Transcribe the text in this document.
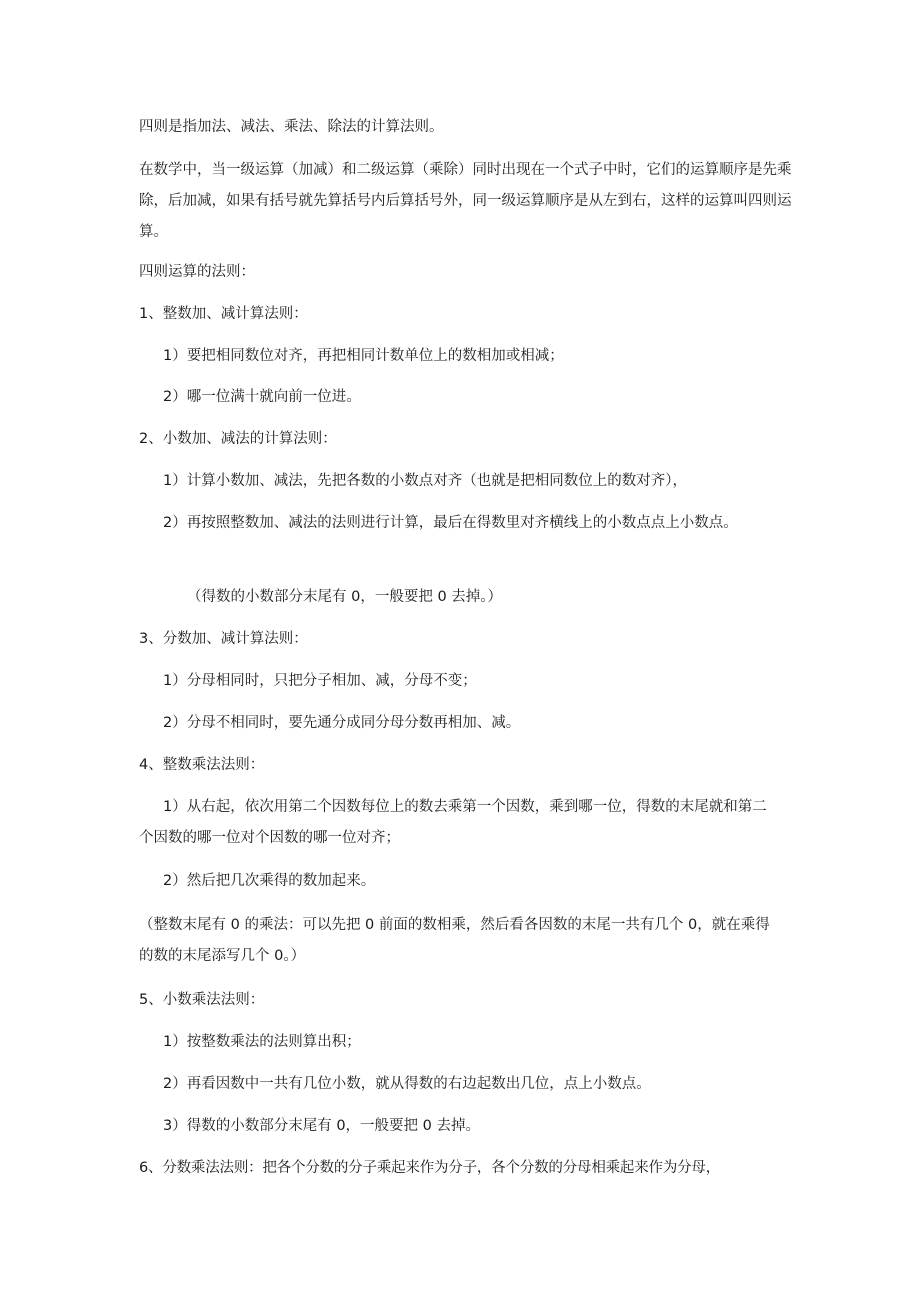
四则是指加法、减法、乘法、除法的计算法则。
在数学中，当一级运算（加减）和二级运算（乘除）同时出现在一个式子中时，它们的运算顺序是先乘除，后加减，如果有括号就先算括号内后算括号外，同一级运算顺序是从左到右，这样的运算叫四则运算。
四则运算的法则：
1、整数加、减计算法则：
1）要把相同数位对齐，再把相同计数单位上的数相加或相减；
2）哪一位满十就向前一位进。
2、小数加、减法的计算法则：
1）计算小数加、减法，先把各数的小数点对齐（也就是把相同数位上的数对齐），
2）再按照整数加、减法的法则进行计算，最后在得数里对齐横线上的小数点点上小数点。
（得数的小数部分末尾有 0，一般要把 0 去掉。）
3、分数加、减计算法则：
1）分母相同时，只把分子相加、减，分母不变；
2）分母不相同时，要先通分成同分母分数再相加、减。
4、整数乘法法则：
1）从右起，依次用第二个因数每位上的数去乘第一个因数，乘到哪一位，得数的末尾就和第二个因数的哪一位对个因数的哪一位对齐；
2）然后把几次乘得的数加起来。
（整数末尾有 0 的乘法：可以先把 0 前面的数相乘，然后看各因数的末尾一共有几个 0，就在乘得的数的末尾添写几个 0。）
5、小数乘法法则：
1）按整数乘法的法则算出积；
2）再看因数中一共有几位小数，就从得数的右边起数出几位，点上小数点。
3）得数的小数部分末尾有 0，一般要把 0 去掉。
6、分数乘法法则：把各个分数的分子乘起来作为分子，各个分数的分母相乘起来作为分母，
